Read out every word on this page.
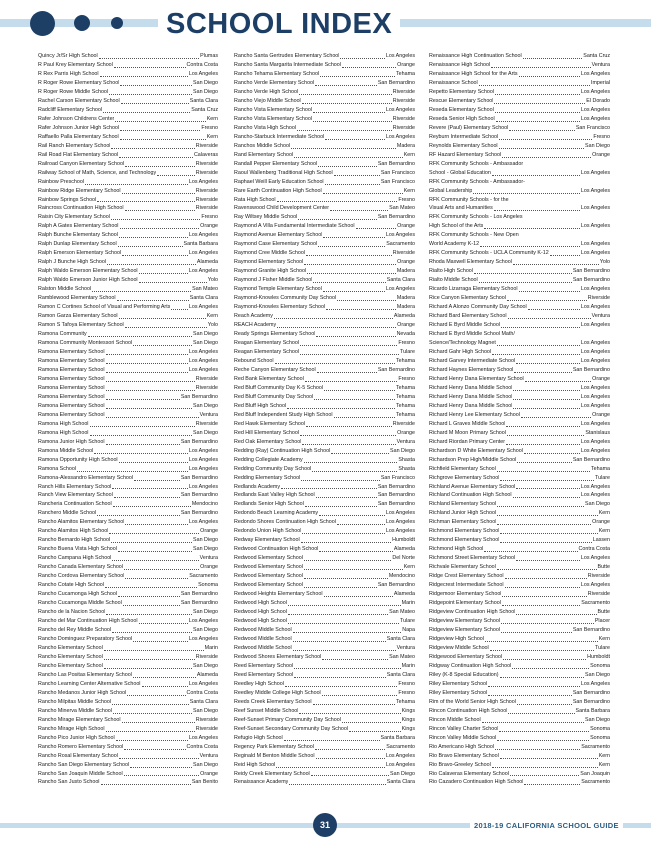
SCHOOL INDEX
Quincy Jr/Sr High School	Plumas
R Paul Krey Elementary School	Contra Costa
R Rex Parris High School	Los Angeles
R Roger Rowe Elementary School	San Diego
R Roger Rowe Middle School	San Diego
Rachel Carson Elementary School	Santa Clara
Radcliff Elementary School	Santa Cruz
Rafer Johnson Childrens Center	Kern
Rafer Johnson Junior High School	Fresno
Raffaello Palla Elementary School	Kern
Rail Ranch Elementary School	Riverside
Rail Road Flat Elementary School	Calaveras
Railroad Canyon Elementary School	Riverside
Railway School of Math, Science, and Technology	Riverside
Rainbow Preschool	Los Angeles
Rainbow Ridge Elementary School	Riverside
Rainbow Springs School	Riverside
Raincross Continuation High School	Riverside
Raisin City Elementary School	Fresno
Ralph A Gates Elementary School	Orange
Ralph Bunche Elementary School	Los Angeles
Ralph Dunlap Elementary School	Santa Barbara
Ralph Emerson Elementary School	Los Angeles
Ralph J Bunche High School	Alameda
Ralph Waldo Emerson Elementary School	Los Angeles
Ralph Waldo Emerson Junior High School	Yolo
Ralston Middle School	San Mateo
Ramblewood Elementary School	Santa Clara
Ramon C Cortines School of Visual and Performing Arts	Los Angeles
Ramon Garza Elementary School	Kern
Ramon S Tafoya Elementary School	Yolo
Ramona Community	San Diego
Ramona Community Montessori School	San Diego
Ramona Elementary School	Los Angeles
Ramona Elementary School	Los Angeles
Ramona Elementary School	Los Angeles
Ramona Elementary School	Riverside
Ramona Elementary School	Riverside
Ramona Elementary School	San Bernardino
Ramona Elementary School	San Diego
Ramona Elementary School	Ventura
Ramona High School	Riverside
Ramona High School	San Diego
Ramona Junior High School	San Bernardino
Ramona Middle School	Los Angeles
Ramona Opportunity High School	Los Angeles
Ramona School	Los Angeles
Ramona-Alessandro Elementary School	San Bernardino
Ranch Hills Elementary School	Los Angeles
Ranch View Elementary School	San Bernardino
Rancheria Continuation School	Mendocino
Ranchero Middle School	San Bernardino
Rancho Alamitos Elementary School	Los Angeles
Rancho Alamitos High School	Orange
Rancho Bernardo High School	San Diego
Rancho Buena Vista High School	San Diego
Rancho Campana High School	Ventura
Rancho Canada Elementary School	Orange
Rancho Cordova Elementary School	Sacramento
Rancho Cotate High School	Sonoma
Rancho Cucamonga High School	San Bernardino
Rancho Cucamonga Middle School	San Bernardino
Rancho de la Nacion School	San Diego
Rancho del Mar Continuation High School	Los Angeles
Rancho del Rey Middle School	San Diego
Rancho Dominguez Preparatory School	Los Angeles
Rancho Elementary School	Marin
Rancho Elementary School	Riverside
Rancho Elementary School	San Diego
Rancho Las Positas Elementary School	Alameda
Rancho Learning Center Alternative School	Los Angeles
Rancho Medanos Junior High School	Contra Costa
Rancho Milpitas Middle School	Santa Clara
Rancho Minerva Middle School	San Diego
Rancho Mirage Elementary School	Riverside
Rancho Mirage High School	Riverside
Rancho Pico Junior High School	Los Angeles
Rancho Romero Elementary School	Contra Costa
Rancho Rosal Elementary School	Ventura
Rancho San Diego Elementary School	San Diego
Rancho San Joaquin Middle School	Orange
Rancho San Justo School	San Benito
Rancho Santa Gertrudes Elementary School	Los Angeles
Rancho Santa Margarita Intermediate School	Orange
Rancho Tehama Elementary School	Tehama
Rancho Verde Elementary School	San Bernardino
Rancho Verde High School	Riverside
Rancho Viejo Middle School	Riverside
Rancho Vista Elementary School	Los Angeles
Rancho Vista Elementary School	Riverside
Rancho Vista High School	Riverside
Rancho-Starbuck Intermediate School	Los Angeles
Ranchos Middle School	Madera
Rand Elementary School	Kern
Randall Pepper Elementary School	San Bernardino
Raoul Wallenberg Traditional High School	San Francisco
Raphael Weill Early Education School	San Francisco
Rare Earth Continuation High School	Kern
Rata High School	Fresno
Ravenswood Child Development Center	San Mateo
Ray Wiltsey Middle School	San Bernardino
Raymond A Villa Fundamental Intermediate School	Orange
Raymond Avenue Elementary School	Los Angeles
Raymond Case Elementary School	Sacramento
Raymond Cree Middle School	Riverside
Raymond Elementary School	Orange
Raymond Granite High School	Madera
Raymond J Fisher Middle School	Santa Clara
Raymond Temple Elementary School	Los Angeles
Raymond-Knowles Community Day School	Madera
Raymond-Knowles Elementary School	Madera
Reach Academy	Alameda
REACH Academy	Orange
Ready Springs Elementary School	Nevada
Reagan Elementary School	Fresno
Reagan Elementary School	Tulare
Rebound School	Tehama
Reche Canyon Elementary School	San Bernardino
Red Bank Elementary School	Fresno
Red Bluff Community Day K-5 School	Tehama
Red Bluff Community Day School	Tehama
Red Bluff High School	Tehama
Red Bluff Independent Study High School	Tehama
Red Hawk Elementary School	Riverside
Red Hill Elementary School	Orange
Red Oak Elementary School	Ventura
Redding (Ray) Continuation High School	San Diego
Redding Collegiate Academy	Shasta
Redding Community Day School	Shasta
Redding Elementary School	San Francisco
Redlands Academy	San Bernardino
Redlands East Valley High School	San Bernardino
Redlands Senior High School	San Bernardino
Redondo Beach Learning Academy	Los Angeles
Redondo Shores Continuation High School	Los Angeles
Redondo Union High School	Los Angeles
Redway Elementary School	Humboldt
Redwood Continuation High School	Alameda
Redwood Elementary School	Del Norte
Redwood Elementary School	Kern
Redwood Elementary School	Mendocino
Redwood Elementary School	San Bernardino
Redwood Heights Elementary School	Alameda
Redwood High School	Marin
Redwood High School	San Mateo
Redwood High School	Tulare
Redwood Middle School	Napa
Redwood Middle School	Santa Clara
Redwood Middle School	Ventura
Redwood Shores Elementary School	San Mateo
Reed Elementary School	Marin
Reed Elementary School	Santa Clara
Reedley High School	Fresno
Reedley Middle College High School	Fresno
Reeds Creek Elementary School	Tehama
Reef Sunset Middle School	Kings
Reef-Sunset Primary Community Day School	Kings
Reef-Sunset Secondary Community Day School	Kings
Refugio High School	Santa Barbara
Regency Park Elementary School	Sacramento
Reginald M Benton Middle School	Los Angeles
Reid High School	Los Angeles
Reidy Creek Elementary School	San Diego
Renaissance Academy	Santa Clara
Renaissance High Continuation School	Santa Cruz
Renaissance High School	Ventura
Renaissance High School for the Arts	Los Angeles
Renaissance School	Imperial
Repetto Elementary School	Los Angeles
Rescue Elementary School	El Dorado
Reseda Elementary School	Los Angeles
Reseda Senior High School	Los Angeles
Revere (Paul) Elementary School	San Francisco
Reyburn Intermediate School	Fresno
Reynolds Elementary School	San Diego
RF Hazard Elementary School	Orange
RFK Community Schools - Ambassador
School - Global Education	Los Angeles
RFK Community Schools - Ambassador-
Global Leadership	Los Angeles
RFK Community Schools - for the
Visual Arts and Humanities	Los Angeles
RFK Community Schools - Los Angeles
High School of the Arts	Los Angeles
RFK Community Schools - New Open
World Academy K-12	Los Angeles
RFK Community Schools - UCLA Community K-12	Los Angeles
Rhoda Maxwell Elementary School	Yolo
Rialto High School	San Bernardino
Rialto Middle School	San Bernardino
Ricardo Lizarraga Elementary School	Los Angeles
Rice Canyon Elementary School	Riverside
Richard A Alonzo Community Day School	Los Angeles
Richard Bard Elementary School	Ventura
Richard E Byrd Middle School	Los Angeles
Richard E Byrd Middle School Math/
Science/Technology Magnet	Los Angeles
Richard Gahr High School	Los Angeles
Richard Garvey Intermediate School	Los Angeles
Richard Haynes Elementary School	San Bernardino
Richard Henry Dana Elementary School	Orange
Richard Henry Dana Middle School	Los Angeles
Richard Henry Dana Middle School	Los Angeles
Richard Henry Dana Middle School	Los Angeles
Richard Henry Lee Elementary School	Orange
Richard L Graves Middle School	Los Angeles
Richard M Moon Primary School	Stanislaus
Richard Riordan Primary Center	Los Angeles
Richardson D White Elementary School	Los Angeles
Richardson Prep High/Middle School	San Bernardino
Richfield Elementary School	Tehama
Richgrove Elementary School	Tulare
Richland Avenue Elementary School	Los Angeles
Richland Continuation High School	Los Angeles
Richland Elementary School	San Diego
Richland Junior High School	Kern
Richman Elementary School	Orange
Richmond Elementary School	Kern
Richmond Elementary School	Lassen
Richmond High School	Contra Costa
Richmond Street Elementary School	Los Angeles
Richvale Elementary School	Butte
Ridge Crest Elementary School	Riverside
Ridgecrest Intermediate School	Los Angeles
Ridgemoor Elementary School	Riverside
Ridgepoint Elementary School	Sacramento
Ridgeview Continuation High School	Butte
Ridgeview Elementary School	Placer
Ridgeview Elementary School	San Bernardino
Ridgeview High School	Kern
Ridgeview Middle School	Tulare
Ridgewood Elementary School	Humboldt
Ridgway Continuation High School	Sonoma
Riley (K-8 Special Education)	San Diego
Riley Elementary School	Los Angeles
Riley Elementary School	San Bernardino
Rim of the World Senior High School	San Bernardino
Rincon Continuation High School	Santa Barbara
Rincon Middle School	San Diego
Rincon Valley Charter School	Sonoma
Rincon Valley Middle School	Sonoma
Rio Americano High School	Sacramento
Rio Bravo Elementary School	Kern
Rio Bravo-Greeley School	Kern
Rio Calaveras Elementary School	San Joaquin
Rio Cazadero Continuation High School	Sacramento
31	2018-19 CALIFORNIA SCHOOL GUIDE
